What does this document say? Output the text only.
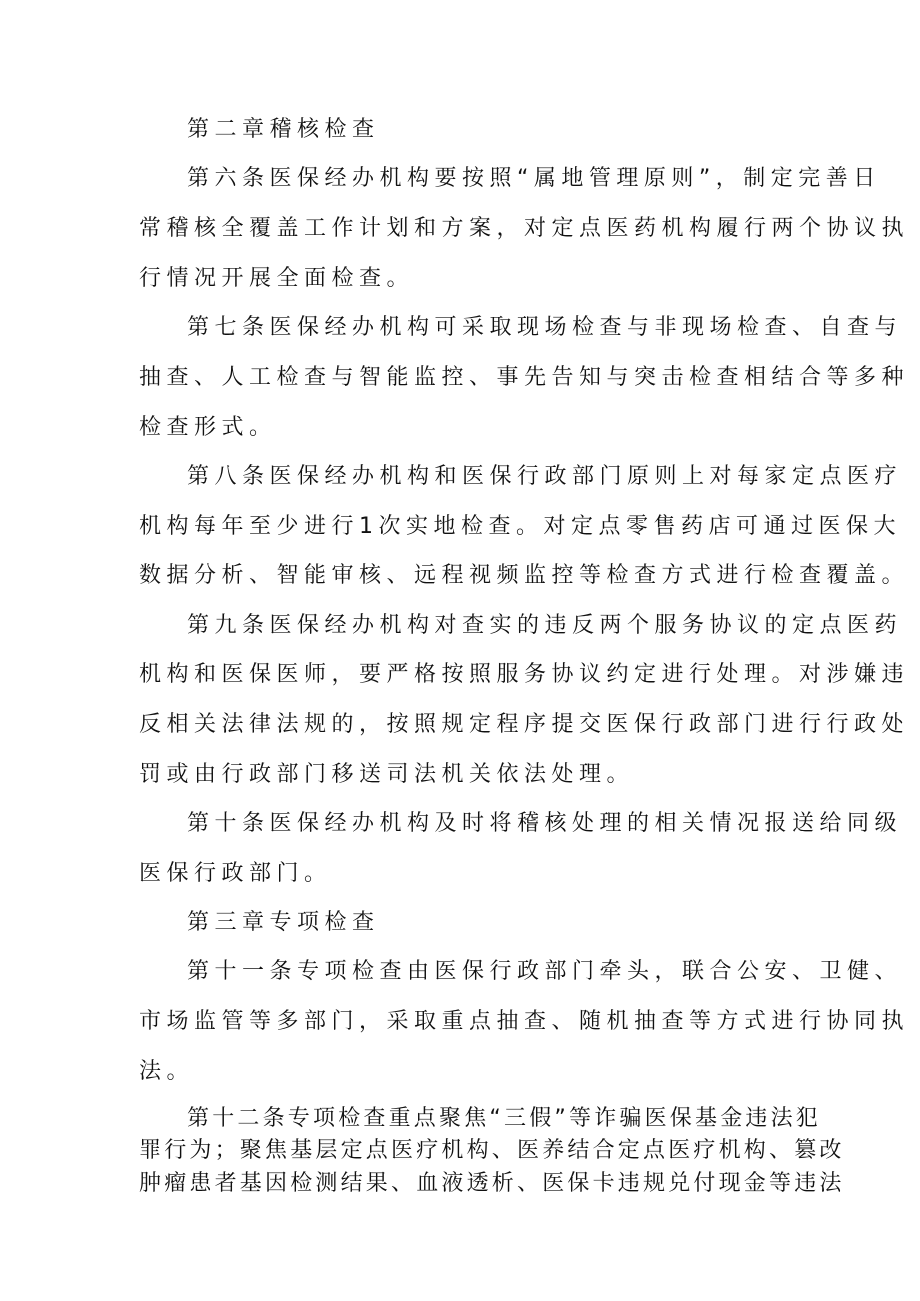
第二章稽核检查
第六条医保经办机构要按照“属地管理原则”，制定完善日
常稽核全覆盖工作计划和方案，对定点医药机构履行两个协议执
行情况开展全面检查。
第七条医保经办机构可采取现场检查与非现场检查、自查与
抽查、人工检查与智能监控、事先告知与突击检查相结合等多种
检查形式。
第八条医保经办机构和医保行政部门原则上对每家定点医疗
机构每年至少进行1次实地检查。对定点零售药店可通过医保大
数据分析、智能审核、远程视频监控等检查方式进行检查覆盖。
第九条医保经办机构对查实的违反两个服务协议的定点医药
机构和医保医师，要严格按照服务协议约定进行处理。对涉嫌违
反相关法律法规的，按照规定程序提交医保行政部门进行行政处
罚或由行政部门移送司法机关依法处理。
第十条医保经办机构及时将稽核处理的相关情况报送给同级
医保行政部门。
第三章专项检查
第十一条专项检查由医保行政部门牵头，联合公安、卫健、
市场监管等多部门，采取重点抽查、随机抽查等方式进行协同执
法。
第十二条专项检查重点聚焦“三假”等诈骗医保基金违法犯
罪行为；聚焦基层定点医疗机构、医养结合定点医疗机构、篡改
肿瘤患者基因检测结果、血液透析、医保卡违规兑付现金等违法
